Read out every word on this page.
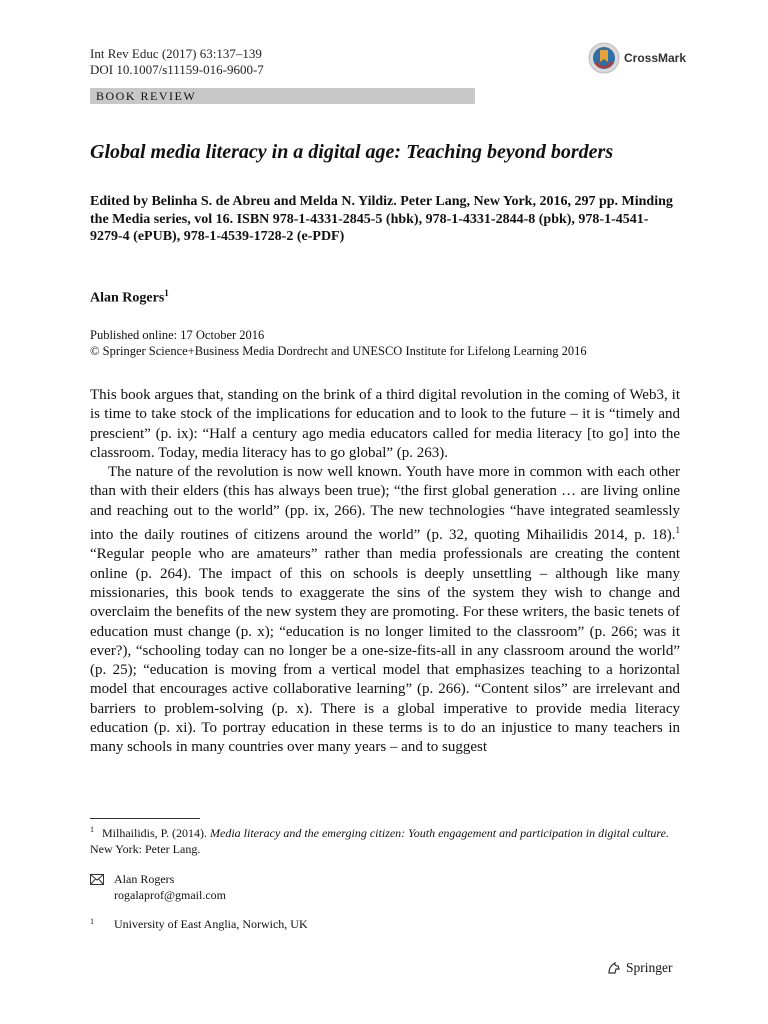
Int Rev Educ (2017) 63:137–139
DOI 10.1007/s11159-016-9600-7
CrossMark
BOOK REVIEW
Global media literacy in a digital age: Teaching beyond borders
Edited by Belinha S. de Abreu and Melda N. Yildiz. Peter Lang, New York, 2016, 297 pp. Minding the Media series, vol 16. ISBN 978-1-4331-2845-5 (hbk), 978-1-4331-2844-8 (pbk), 978-1-4541-9279-4 (ePUB), 978-1-4539-1728-2 (e-PDF)
Alan Rogers$^1$
Published online: 17 October 2016
© Springer Science+Business Media Dordrecht and UNESCO Institute for Lifelong Learning 2016

This book argues that, standing on the brink of a third digital revolution in the coming of Web3, it is time to take stock of the implications for education and to look to the future – it is “timely and prescient” (p. ix): “Half a century ago media educators called for media literacy [to go] into the classroom. Today, media literacy has to go global” (p. 263).

The nature of the revolution is now well known. Youth have more in common with each other than with their elders (this has always been true); “the first global generation … are living online and reaching out to the world” (pp. ix, 266). The new technologies “have integrated seamlessly into the daily routines of citizens around the world” (p. 32, quoting Mihailidis 2014, p. 18).$^1$ “Regular people who are amateurs” rather than media professionals are creating the content online (p. 264). The impact of this on schools is deeply unsettling – although like many missionaries, this book tends to exaggerate the sins of the system they wish to change and overclaim the benefits of the new system they are promoting. For these writers, the basic tenets of education must change (p. x); “education is no longer limited to the classroom” (p. 266; was it ever?), “schooling today can no longer be a one-size-fits-all in any classroom around the world” (p. 25); “education is moving from a vertical model that emphasizes teaching to a horizontal model that encourages active collaborative learning” (p. 266). “Content silos” are irrelevant and barriers to problem-solving (p. x). There is a global imperative to provide media literacy education (p. xi). To portray education in these terms is to do an injustice to many teachers in many schools in many countries over many years – and to suggest

$^1$ Milhailidis, P. (2014). Media literacy and the emerging citizen: Youth engagement and participation in digital culture. New York: Peter Lang.
Alan Rogers
rogalaprof@gmail.com
1	University of East Anglia, Norwich, UK
Springer
